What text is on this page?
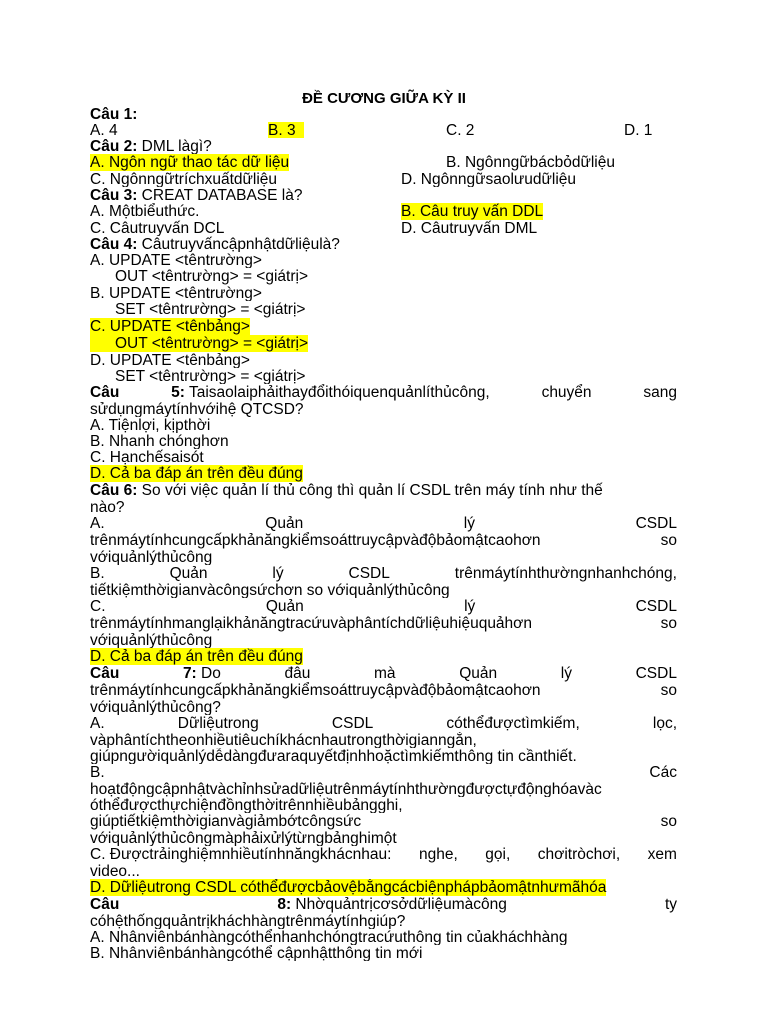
ĐỀ CƯƠNG GIỮA KỲ II
Câu 1:
A. 4	B. 3	C. 2	D. 1
Câu 2: DML làgì?
A. Ngôn ngữ thao tác dữ liệu	B. Ngônngữbácbỏdữliệu
C. Ngônngữtríchxuấtdữliệu	D. Ngônngữsaolưudữliệu
Câu 3: CREAT DATABASE là?
A. Mộtbiểuthức.	B. Câu truy vấn DDL
C. Câutruyvấn DCL	D. Câutruyvấn DML
Câu 4: Câutruyvấncậpnhậtdữliệulà?
A. UPDATE <têntrường>
OUT <têntrường> = <giátrị>
B. UPDATE <têntrường>
SET <têntrường> = <giátrị>
C. UPDATE <tênbảng>
OUT <têntrường> = <giátrị>
D. UPDATE <tênbảng>
SET <têntrường> = <giátrị>
Câu	5: Taisaolaiphảithayđổithóiquenquảnlíthủcông,	chuyển	sang
sửdụngmáytínhvớihệ QTCSD?
A. Tiệnlợi, kịpthời
B. Nhanh chónghơn
C. Hạnchếsaisót
D. Cả ba đáp án trên đều đúng
Câu 6: So với việc quản lí thủ công thì quản lí CSDL trên máy tính như thế
nào?
A.	Quản	lý	CSDL
trênmáytínhcungcấpkhảnăngkiểmsoáttruycậpvàđộbảomậtcaohơn	so
vớiquảnlýthủcông
B.	Quản	lý	CSDL	trênmáytínhthườngnhanhchóng,
tiếtkiệmthờigianvàcôngsứchơn so vớiquảnlýthủcông
C.	Quản	lý	CSDL
trênmáytínhmanglạikhảnăngtracứuvàphântíchdữliệuhiệuquảhơn	so
vớiquảnlýthủcông
D. Cả ba đáp án trên đều đúng
Câu	7: Do	đâu	mà	Quản	lý	CSDL
trênmáytínhcungcấpkhảnăngkiểmsoáttruycậpvàđộbảomậtcaohơn	so
vớiquảnlýthủcông?
A.	Dữliệutrong	CSDL	cóthểđượctìmkiếm,	lọc,
vàphântíchtheonhiềutiêuchíkhácnhautrongthờigianngắn,
giúpngườiquảnlýdễdàngđưaraquyếtđịnhhoặctìmkiếmthông tin cầnthiết.
B.	Các
hoạtđộngcậpnhậtvàchỉnhsửadữliệutrênmáytínhthườngđượctựđộnghóavàc
óthểđượcthựchiệnđồngthờitrênnhiềubảngghi,
giúptiếtkiệmthờigianvàgiảmbớtcôngsức	so
vớiquảnlýthủcôngmàphảixửlýtừngbảnghimột
C. Đượctrảinghiệmnhiềutínhnăngkhácnhau: nghe, gọi, chơitròchơi, xem
video...
D. Dữliệutrong CSDL cóthểđượcbảovệbằngcácbiệnphápbảomậtnhưmãhóa
Câu	8: Nhờquảntrịcơsởdữliệumàcông	ty
cóhệthốngquảntrịkháchhàngtrênmáytínhgiúp?
A. Nhânviênbánhàngcóthểnhanhchóngtracứuthông tin củakháchhàng
B. Nhânviênbánhàngcóthể cậpnhậtthông tin mới
